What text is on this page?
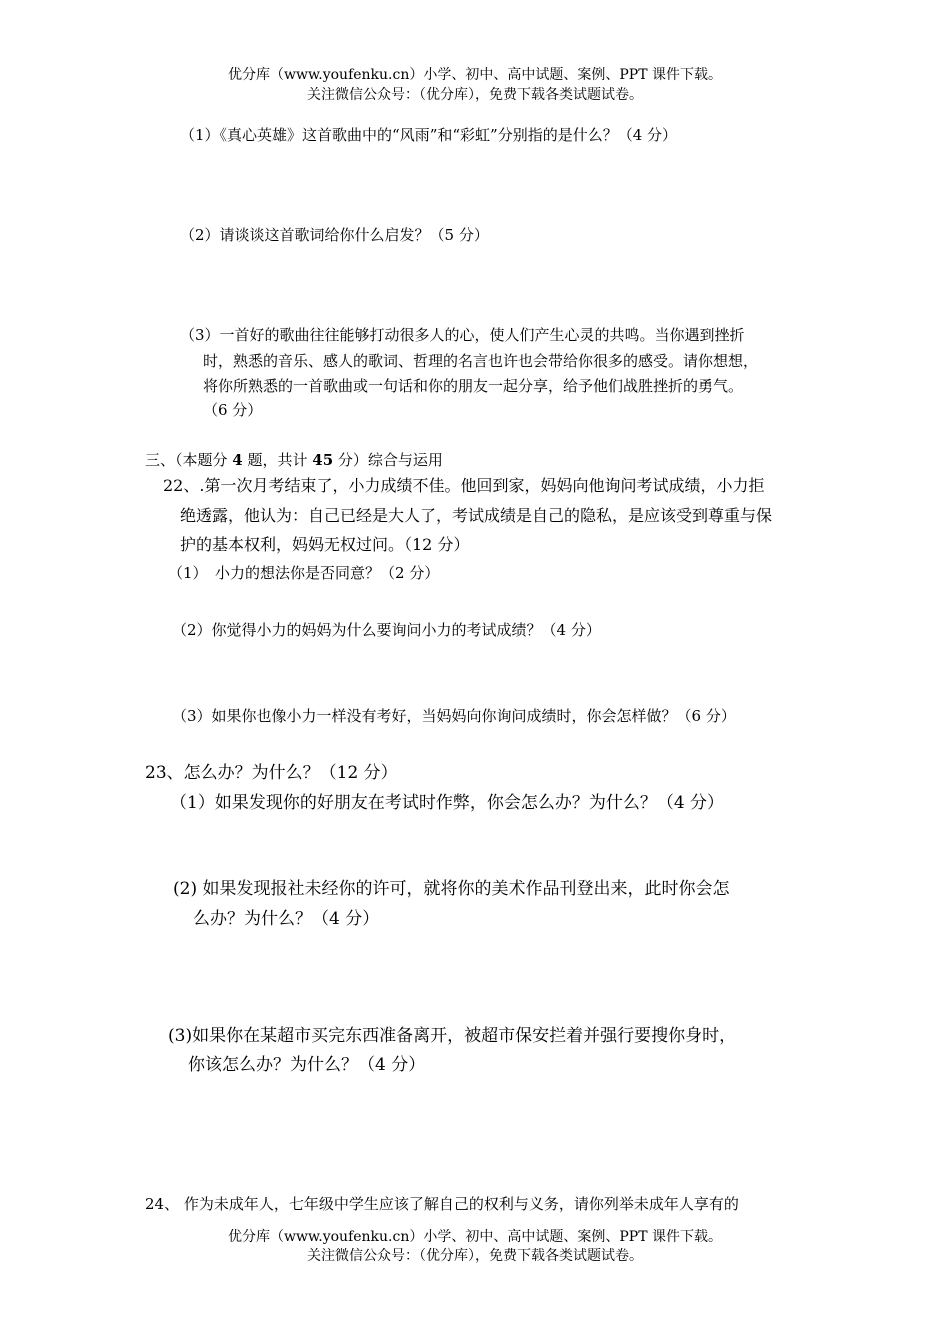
优分库（www.youfenku.cn）小学、初中、高中试题、案例、PPT 课件下载。
关注微信公众号：（优分库），免费下载各类试题试卷。
（1）《真心英雄》这首歌曲中的“风雨”和“彩虹”分别指的是什么？（4 分）
（2）请谈谈这首歌词给你什么启发？（5 分）
（3）一首好的歌曲往往能够打动很多人的心，使人们产生心灵的共鸣。当你遇到挫折
时，熟悉的音乐、感人的歌词、哲理的名言也许也会带给你很多的感受。请你想想，
将你所熟悉的一首歌曲或一句话和你的朋友一起分享，给予他们战胜挫折的勇气。
（6 分）
三、（本题分 4 题，共计 45 分）综合与运用
22、.第一次月考结束了，小力成绩不佳。他回到家，妈妈向他询问考试成绩，小力拒
绝透露，他认为：自己已经是大人了，考试成绩是自己的隐私，是应该受到尊重与保
护的基本权利，妈妈无权过问。（12 分）
（1）　小力的想法你是否同意？（2 分）
（2）你觉得小力的妈妈为什么要询问小力的考试成绩？（4 分）
（3）如果你也像小力一样没有考好，当妈妈向你询问成绩时，你会怎样做？（6 分）
23、怎么办？为什么？（12 分）
（1）如果发现你的好朋友在考试时作弊，你会怎么办？为什么？（4 分）
(2) 如果发现报社未经你的许可，就将你的美术作品刊登出来，此时你会怎
么办？为什么？（4 分）
(3)如果你在某超市买完东西准备离开，被超市保安拦着并强行要搜你身时，
你该怎么办？为什么？（4 分）
24、 作为未成年人，七年级中学生应该了解自己的权利与义务，请你列举未成年人享有的
优分库（www.youfenku.cn）小学、初中、高中试题、案例、PPT 课件下载。
关注微信公众号：（优分库），免费下载各类试题试卷。
